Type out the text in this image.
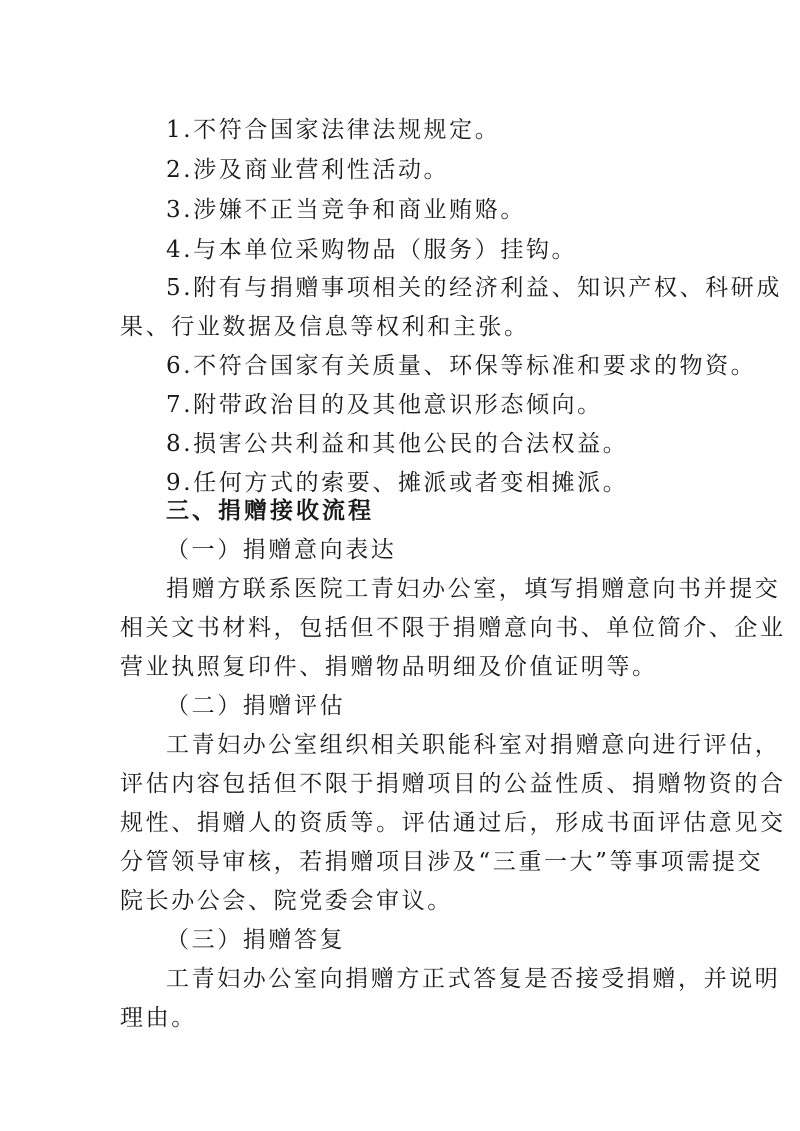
1.不符合国家法律法规规定。
2.涉及商业营利性活动。
3.涉嫌不正当竞争和商业贿赂。
4.与本单位采购物品（服务）挂钩。
5.附有与捐赠事项相关的经济利益、知识产权、科研成
果、行业数据及信息等权利和主张。
6.不符合国家有关质量、环保等标准和要求的物资。
7.附带政治目的及其他意识形态倾向。
8.损害公共利益和其他公民的合法权益。
9.任何方式的索要、摊派或者变相摊派。
三、捐赠接收流程
（一）捐赠意向表达
捐赠方联系医院工青妇办公室，填写捐赠意向书并提交
相关文书材料，包括但不限于捐赠意向书、单位简介、企业
营业执照复印件、捐赠物品明细及价值证明等。
（二）捐赠评估
工青妇办公室组织相关职能科室对捐赠意向进行评估，
评估内容包括但不限于捐赠项目的公益性质、捐赠物资的合
规性、捐赠人的资质等。评估通过后，形成书面评估意见交
分管领导审核，若捐赠项目涉及“三重一大”等事项需提交
院长办公会、院党委会审议。
（三）捐赠答复
工青妇办公室向捐赠方正式答复是否接受捐赠，并说明
理由。
